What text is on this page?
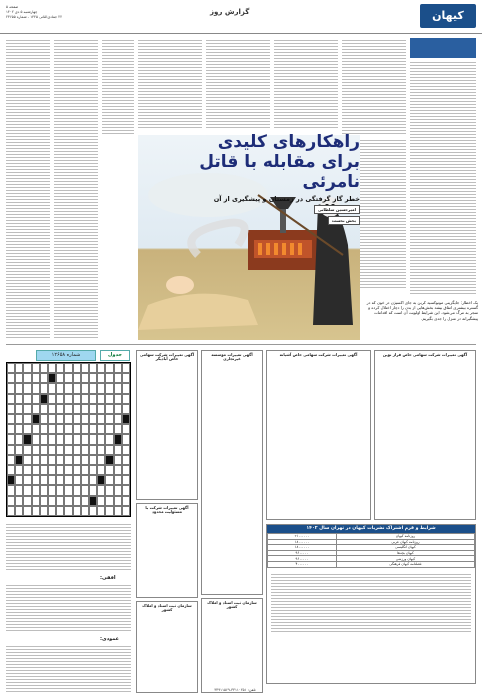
کیهان
گزارش روز
صفحه ۵
چهارشنبه ۵ دی ۱۴۰۲
۲۲ جمادی‌الثانی ۱۴۴۵ - شماره ۲۳۶۵۵
راهکارهای کلیدی
برای مقابله با قاتل نامرئی
خطر گاز گرفتگی در زمستان و پیشگیری از آن
امیرحسین سلطانی
بخش نخست
یک اخطار: جایگزینی مونوکسید کربن به جای اکسیژن در خون که در گستره بیشتری اتفاق بیفتد بخش‌هایی از بدن را دچار اختلال کرده و منجر به مرگ می‌شود. این شرایط اولویت آن است که اقدامات پیشگیرانه در منزل را جدی بگیریم.
شماره ۱۲۶۵۸	جدول
افقی:
عمودی:
آگهی تغییرات شرکت سهامی خاص آبادیگر
آگهی تغییرات شرکت با مسئولیت محدود
سازمان ثبت اسناد و املاک کشور
آگهی تغییرات موسسه غیرتجاری
سازمان ثبت اسناد و املاک کشور
آگهی تغییرات شرکت سهامی خاص آشیانه	آگهی تغییرات شرکت سهامی خاص فراز نوین
شرایط و فرم اشتراک نشریات کیهان در تهران سال ۱۴۰۲
روزنامه کیهان	۲۱۰۰۰۰۰۰
روزنامه کیهان عربی	۱۸۰۰۰۰۰۰
کیهان انگلیسی	۱۸۰۰۰۰۰۰
کیهان بچه‌ها	۹۶۰۰۰۰۰
کیهان ورزشی	۹۶۰۰۰۰۰
فصلنامه کیهان فرهنگی	۴۰۰۰۰۰۰
تلفن: ۳۳۱۱۰۲۵۱-۳۳۹۱۱۵۶۹
